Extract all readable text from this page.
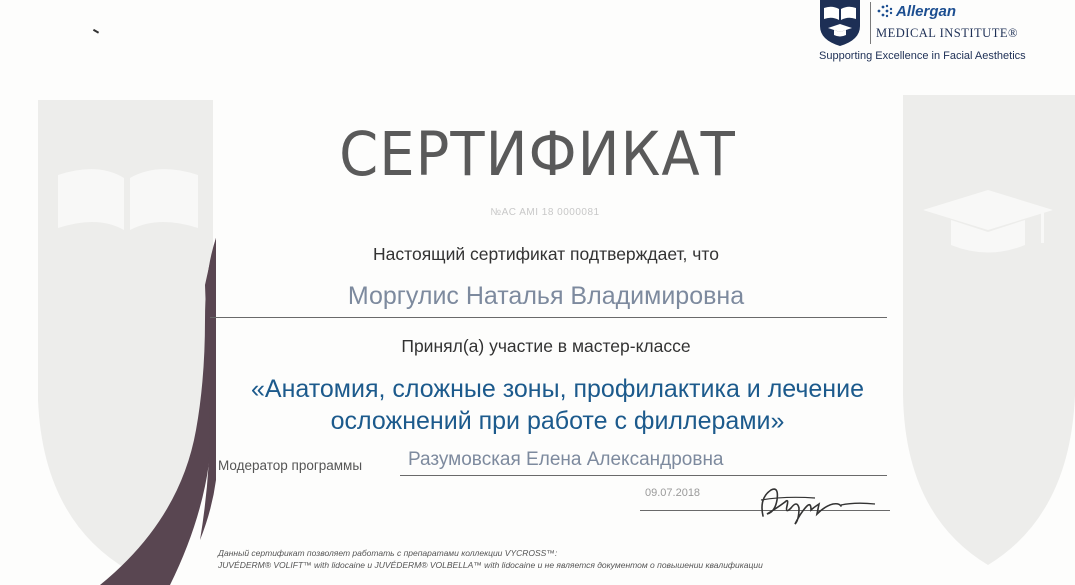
Allergan
MEDICAL INSTITUTE®
Supporting Excellence in Facial Aesthetics
СЕРТИФИКАТ
№AC AMI 18 0000081
Настоящий сертификат подтверждает, что
Моргулис Наталья Владимировна
Принял(а) участие в мастер-классе
«Анатомия, сложные зоны, профилактика и лечение
осложнений при работе с филлерами»
Модератор программы Разумовская Елена Александровна
09.07.2018
Данный сертификат позволяет работать с препаратами коллекции VYCROSS™:
JUVÉDERM® VOLIFT™ with lidocaine и JUVÉDERM® VOLBELLA™ with lidocaine и не является документом о повышении квалификации
